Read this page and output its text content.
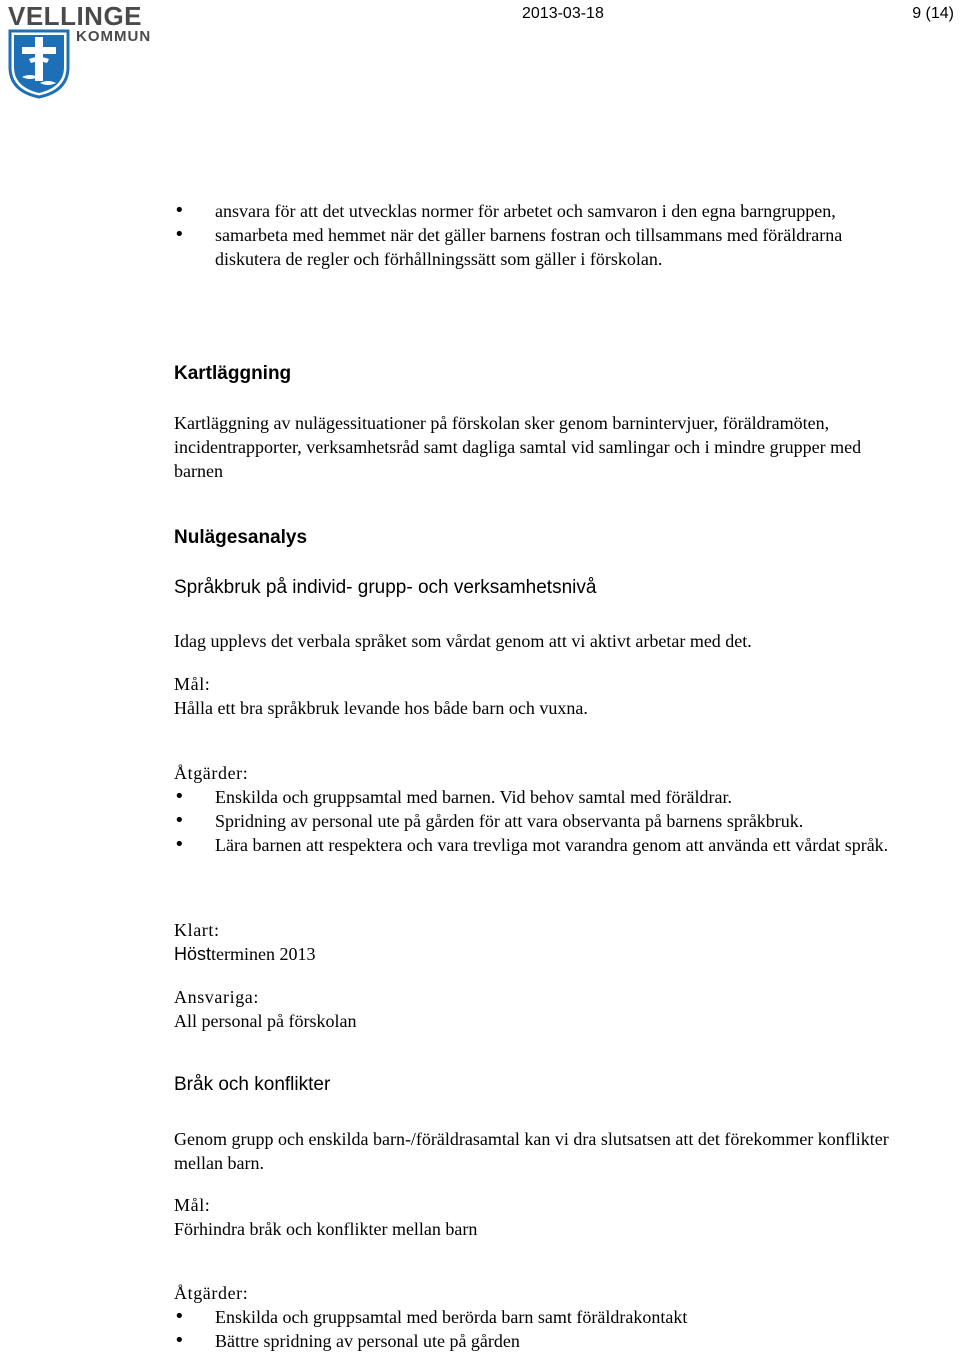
VELLINGE
KOMMUN
2013-03-18	9 (14)
• ansvara för att det utvecklas normer för arbetet och samvaron i den egna barngruppen,
• samarbeta med hemmet när det gäller barnens fostran och tillsammans med föräldrarna diskutera de regler och förhållningssätt som gäller i förskolan.
Kartläggning
Kartläggning av nulägessituationer på förskolan sker genom barnintervjuer, föräldramöten, incidentrapporter, verksamhetsråd samt dagliga samtal vid samlingar och i mindre grupper med barnen
Nulägesanalys
Språkbruk på individ- grupp- och verksamhetsnivå
Idag upplevs det verbala språket som vårdat genom att vi aktivt arbetar med det.
Mål:
Hålla ett bra språkbruk levande hos både barn och vuxna.
Åtgärder:
• Enskilda och gruppsamtal med barnen. Vid behov samtal med föräldrar.
• Spridning av personal ute på gården för att vara observanta på barnens språkbruk.
• Lära barnen att respektera och vara trevliga mot varandra genom att använda ett vårdat språk.
Klart:
Höstterminen 2013
Ansvariga:
All personal på förskolan
Bråk och konflikter
Genom grupp och enskilda barn-/föräldrasamtal kan vi dra slutsatsen att det förekommer konflikter mellan barn.
Mål:
Förhindra bråk och konflikter mellan barn
Åtgärder:
• Enskilda och gruppsamtal med berörda barn samt föräldrakontakt
• Bättre spridning av personal ute på gården
